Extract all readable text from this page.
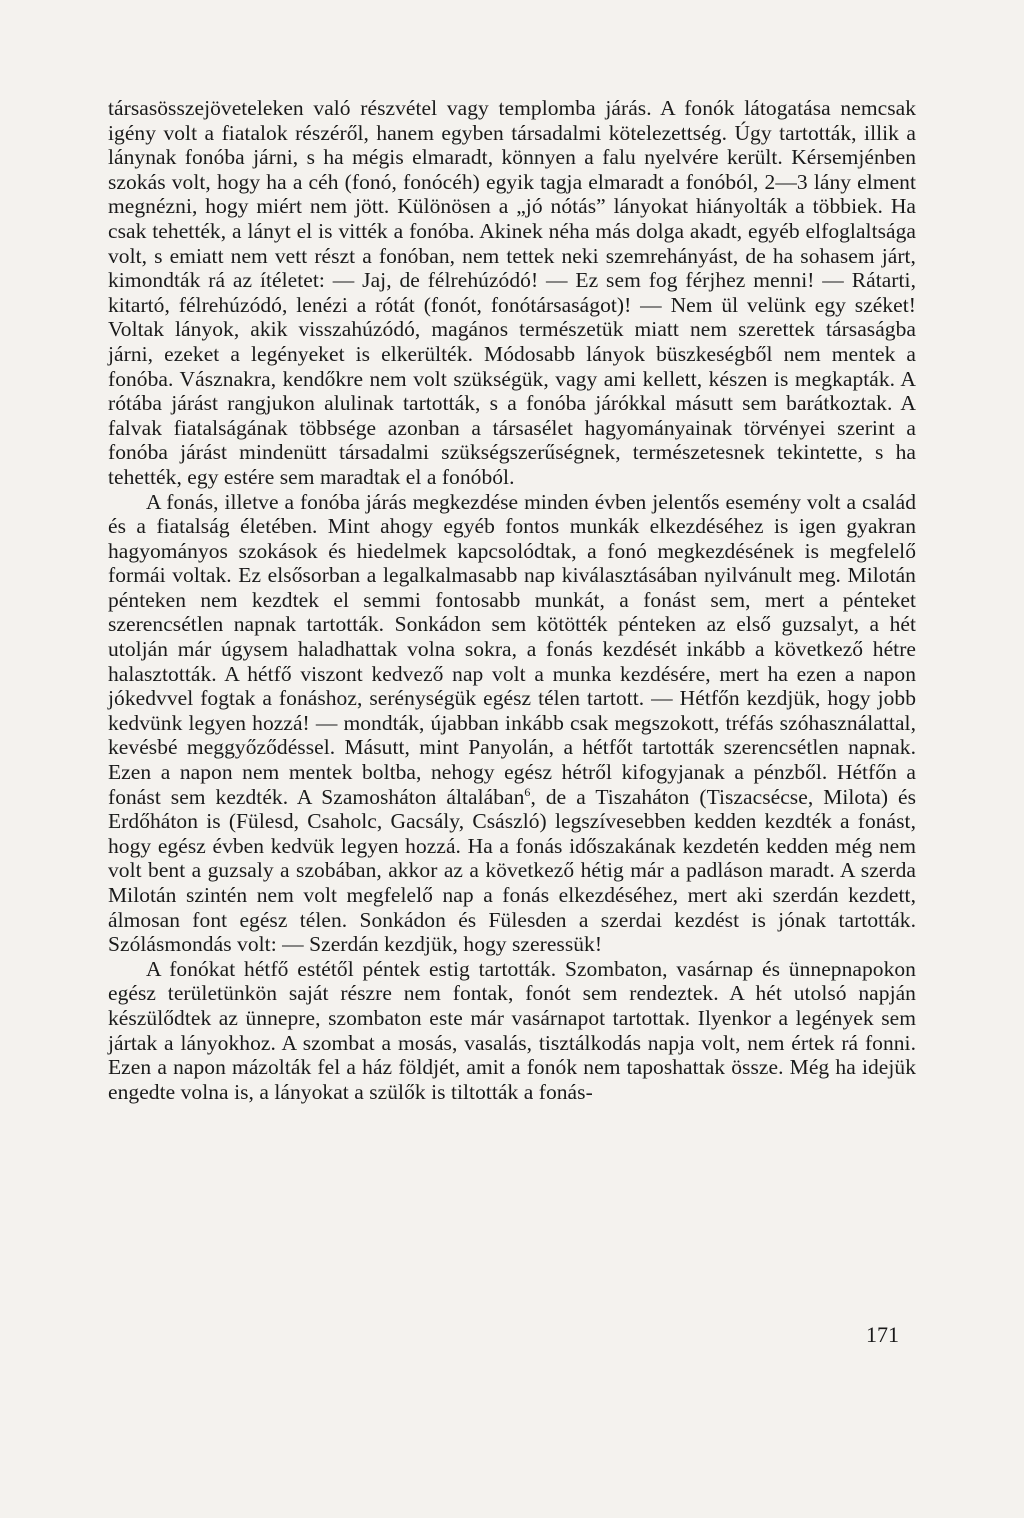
társasösszejöveteleken való részvétel vagy templomba járás. A fonók látogatása nemcsak igény volt a fiatalok részéről, hanem egyben társadalmi kötelezettség. Úgy tartották, illik a lánynak fonóba járni, s ha mégis elmaradt, könnyen a falu nyelvére került. Kérsemjénben szokás volt, hogy ha a céh (fonó, fonócéh) egyik tagja elmaradt a fonóból, 2—3 lány elment megnézni, hogy miért nem jött. Különösen a „jó nótás” lányokat hiányolták a többiek. Ha csak tehették, a lányt el is vitték a fonóba. Akinek néha más dolga akadt, egyéb elfoglaltsága volt, s emiatt nem vett részt a fonóban, nem tettek neki szemrehányást, de ha sohasem járt, kimondták rá az ítéletet: — Jaj, de félrehúzódó! — Ez sem fog férjhez menni! — Rátarti, kitartó, félrehúzódó, lenézi a rótát (fonót, fonótársaságot)! — Nem ül velünk egy széket! Voltak lányok, akik visszahúzódó, magános természetük miatt nem szerettek társaságba járni, ezeket a legényeket is elkerülték. Módosabb lányok büszkeségből nem mentek a fonóba. Vásznakra, kendőkre nem volt szükségük, vagy ami kellett, készen is megkapták. A rótába járást rangjukon alulinak tartották, s a fonóba járókkal másutt sem barátkoztak. A falvak fiatalságának többsége azonban a társasélet hagyományainak törvényei szerint a fonóba járást mindenütt társadalmi szükségszerűségnek, természetesnek tekintette, s ha tehették, egy estére sem maradtak el a fonóból.

A fonás, illetve a fonóba járás megkezdése minden évben jelentős esemény volt a család és a fiatalság életében. Mint ahogy egyéb fontos munkák elkezdéséhez is igen gyakran hagyományos szokások és hiedelmek kapcsolódtak, a fonó megkezdésének is megfelelő formái voltak. Ez elsősorban a legalkalmasabb nap kiválasztásában nyilvánult meg. Milotán pénteken nem kezdtek el semmi fontosabb munkát, a fonást sem, mert a pénteket szerencsétlen napnak tartották. Sonkádon sem kötötték pénteken az első guzsalyt, a hét utolján már úgysem haladhattak volna sokra, a fonás kezdését inkább a következő hétre halasztották. A hétfő viszont kedvező nap volt a munka kezdésére, mert ha ezen a napon jókedvvel fogtak a fonáshoz, serénységük egész télen tartott. — Hétfőn kezdjük, hogy jobb kedvünk legyen hozzá! — mondták, újabban inkább csak megszokott, tréfás szóhasználattal, kevésbé meggyőződéssel. Másutt, mint Panyolán, a hétfőt tartották szerencsétlen napnak. Ezen a napon nem mentek boltba, nehogy egész hétről kifogyjanak a pénzből. Hétfőn a fonást sem kezdték. A Szamosháton általában$^6$, de a Tiszaháton (Tiszacsécse, Milota) és Erdőháton is (Fülesd, Csaholc, Gacsály, Császló) legszívesebben kedden kezdték a fonást, hogy egész évben kedvük legyen hozzá. Ha a fonás időszakának kezdetén kedden még nem volt bent a guzsaly a szobában, akkor az a következő hétig már a padláson maradt. A szerda Milotán szintén nem volt megfelelő nap a fonás elkezdéséhez, mert aki szerdán kezdett, álmosan font egész télen. Sonkádon és Fülesden a szerdai kezdést is jónak tartották. Szólásmondás volt: — Szerdán kezdjük, hogy szeressük!

A fonókat hétfő estétől péntek estig tartották. Szombaton, vasárnap és ünnepnapokon egész területünkön saját részre nem fontak, fonót sem rendeztek. A hét utolsó napján készülődtek az ünnepre, szombaton este már vasárnapot tartottak. Ilyenkor a legények sem jártak a lányokhoz. A szombat a mosás, vasalás, tisztálkodás napja volt, nem értek rá fonni. Ezen a napon mázolták fel a ház földjét, amit a fonók nem taposhattak össze. Még ha idejük engedte volna is, a lányokat a szülők is tiltották a fonás-

171
